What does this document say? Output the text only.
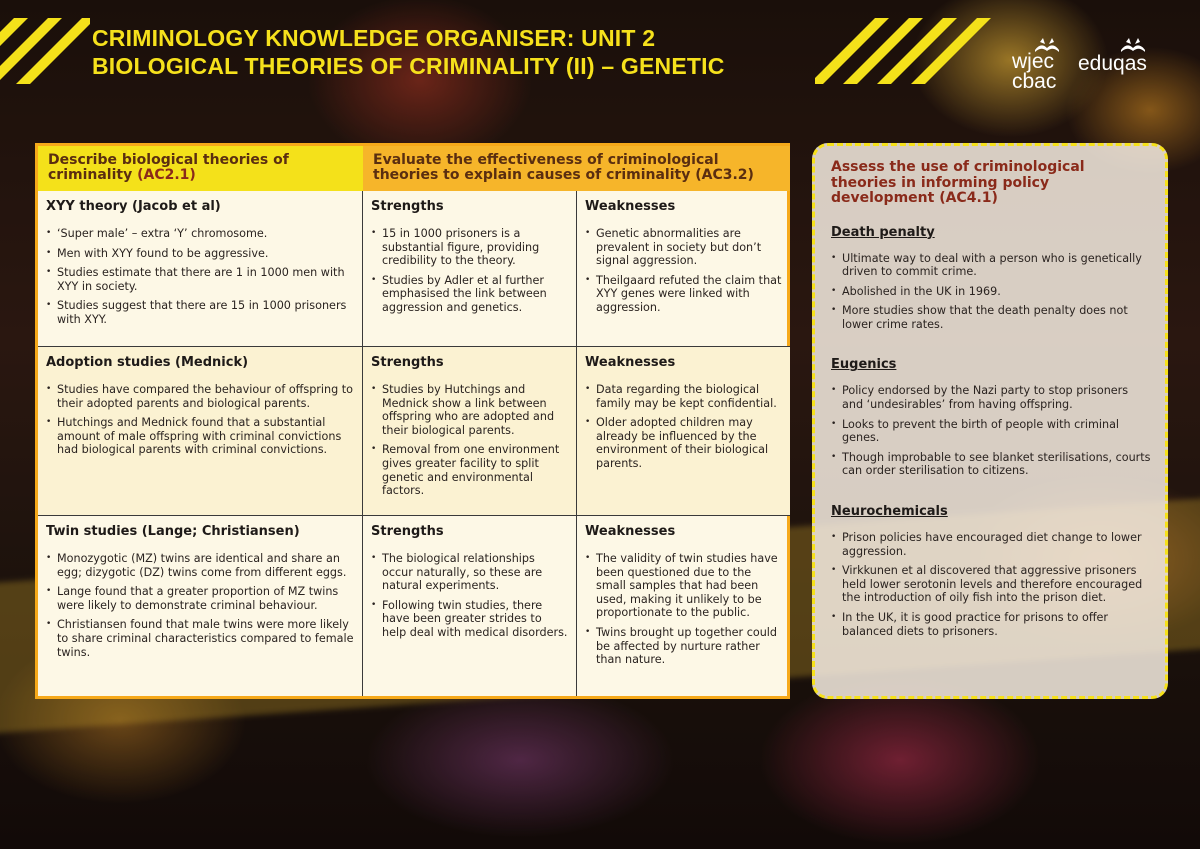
CRIMINOLOGY KNOWLEDGE ORGANISER: UNIT 2
BIOLOGICAL THEORIES OF CRIMINALITY (II) – GENETIC	wjec
cbac
eduqas
Describe biological theories of criminality (AC2.1)
Evaluate the effectiveness of criminological theories to explain causes of criminality (AC3.2)
XYY theory (Jacob et al)
• ‘Super male’ – extra ‘Y’ chromosome.
• Men with XYY found to be aggressive.
• Studies estimate that there are 1 in 1000 men with XYY in society.
• Studies suggest that there are 15 in 1000 prisoners with XYY.
Strengths
• 15 in 1000 prisoners is a substantial figure, providing credibility to the theory.
• Studies by Adler et al further emphasised the link between aggression and genetics.
Weaknesses
• Genetic abnormalities are prevalent in society but don’t signal aggression.
• Theilgaard refuted the claim that XYY genes were linked with aggression.
Adoption studies (Mednick)
• Studies have compared the behaviour of offspring to their adopted parents and biological parents.
• Hutchings and Mednick found that a substantial amount of male offspring with criminal convictions had biological parents with criminal convictions.
Strengths
• Studies by Hutchings and Mednick show a link between offspring who are adopted and their biological parents.
• Removal from one environment gives greater facility to split genetic and environmental factors.
Weaknesses
• Data regarding the biological family may be kept confidential.
• Older adopted children may already be influenced by the environment of their biological parents.
Twin studies (Lange; Christiansen)
• Monozygotic (MZ) twins are identical and share an egg; dizygotic (DZ) twins come from different eggs.
• Lange found that a greater proportion of MZ twins were likely to demonstrate criminal behaviour.
• Christiansen found that male twins were more likely to share criminal characteristics compared to female twins.
Strengths
• The biological relationships occur naturally, so these are natural experiments.
• Following twin studies, there have been greater strides to help deal with medical disorders.
Weaknesses
• The validity of twin studies have been questioned due to the small samples that had been used, making it unlikely to be proportionate to the public.
• Twins brought up together could be affected by nurture rather than nature.
Assess the use of criminological theories in informing policy development (AC4.1)
Death penalty
• Ultimate way to deal with a person who is genetically driven to commit crime.
• Abolished in the UK in 1969.
• More studies show that the death penalty does not lower crime rates.
Eugenics
• Policy endorsed by the Nazi party to stop prisoners and ‘undesirables’ from having offspring.
• Looks to prevent the birth of people with criminal genes.
• Though improbable to see blanket sterilisations, courts can order sterilisation to citizens.
Neurochemicals
• Prison policies have encouraged diet change to lower aggression.
• Virkkunen et al discovered that aggressive prisoners held lower serotonin levels and therefore encouraged the introduction of oily fish into the prison diet.
• In the UK, it is good practice for prisons to offer balanced diets to prisoners.
